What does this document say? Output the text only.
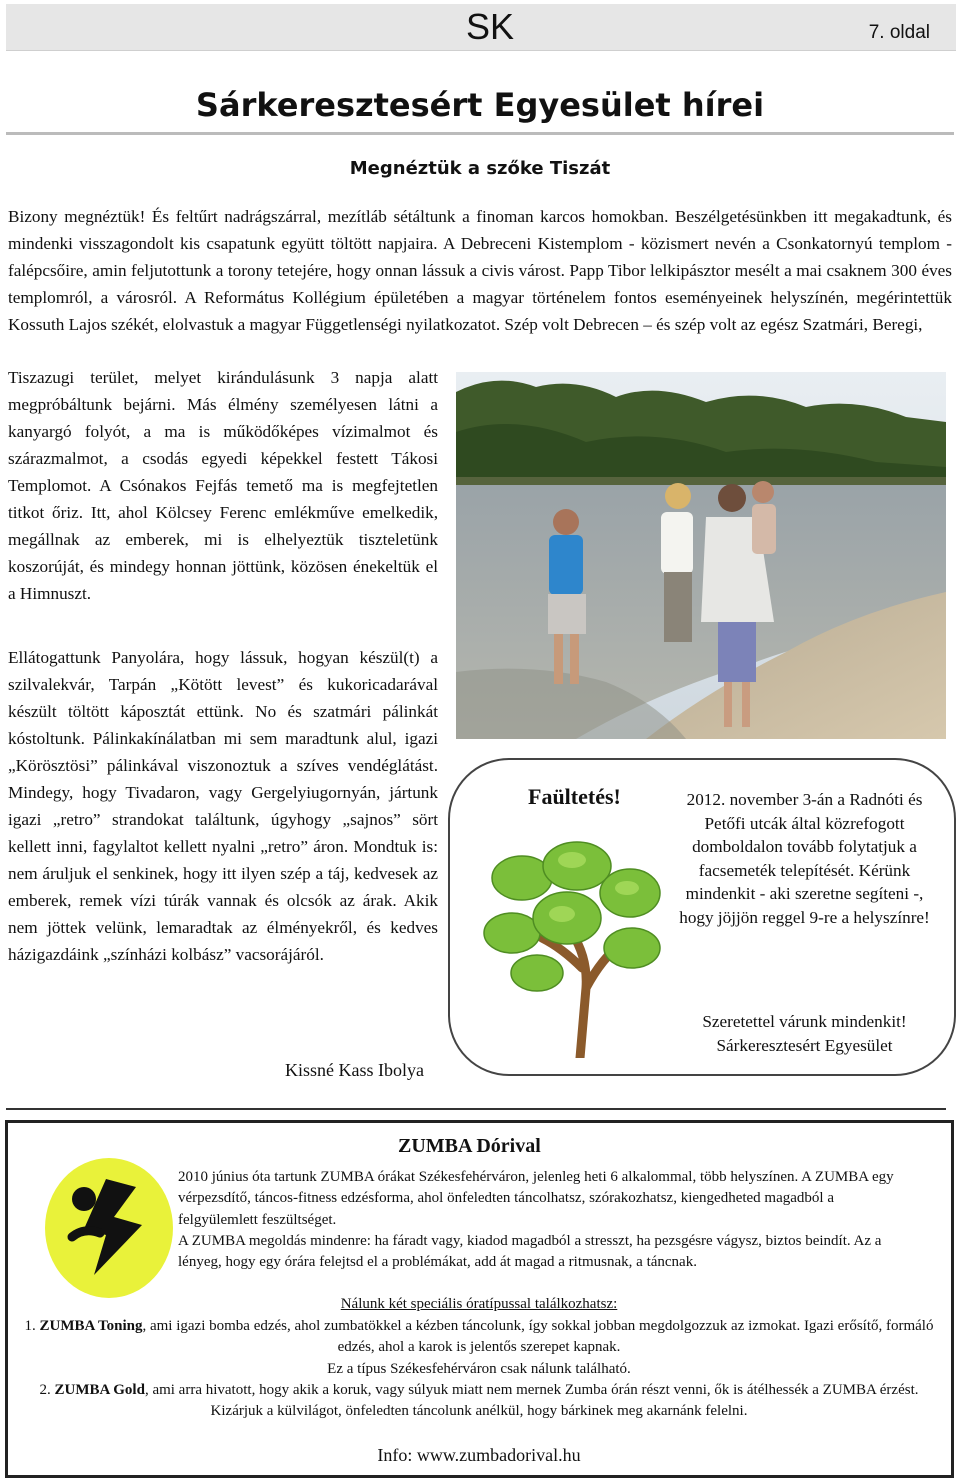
SK	7. oldal
Sárkeresztesért Egyesület hírei
Megnéztük a szőke Tiszát

Bizony megnéztük! És feltűrt nadrágszárral, mezítláb sétáltunk a finoman karcos homokban. Beszélgetésünkben itt megakadtunk, és mindenki visszagondolt kis csapatunk együtt töltött napjaira. A Debreceni Kistemplom - közismert nevén a Csonkatornyú templom - falépcsőire, amin feljutottunk a torony tetejére, hogy onnan lássuk a civis várost. Papp Tibor lelkipásztor mesélt a mai csaknem 300 éves templomról, a városról. A Református Kollégium épületében a magyar történelem fontos eseményeinek helyszínén, megérintettük Kossuth Lajos székét, elolvastuk a magyar Függetlenségi nyilatkozatot. Szép volt Debrecen – és szép volt az egész Szatmári, Beregi,

Tiszazugi terület, melyet kirándulásunk 3 napja alatt megpróbáltunk bejárni. Más élmény személyesen látni a kanyargó folyót, a ma is működőképes vízimalmot és szárazmalmot, a csodás egyedi képekkel festett Tákosi Templomot. A Csónakos Fejfás temető ma is megfejtetlen titkot őriz. Itt, ahol Kölcsey Ferenc emlékműve emelkedik, megállnak az emberek, mi is elhelyeztük tiszteletünk koszorúját, és mindegy honnan jöttünk, közösen énekeltük el a Himnuszt.

Ellátogattunk Panyolára, hogy lássuk, hogyan készül(t) a szilvalekvár, Tarpán „Kötött levest” és kukoricadarával készült töltött káposztát ettünk. No és szatmári pálinkát kóstoltunk. Pálinkakínálatban mi sem maradtunk alul, igazi „Körösztösi” pálinkával viszonoztuk a szíves vendéglátást. Mindegy, hogy Tivadaron, vagy Gergelyiugornyán, jártunk igazi „retro” strandokat találtunk, úgyhogy „sajnos” sört kellett inni, fagylaltot kellett nyalni „retro” áron. Mondtuk is: nem áruljuk el senkinek, hogy itt ilyen szép a táj, kedvesek az emberek, remek vízi túrák vannak és olcsók az árak. Akik nem jöttek velünk, lemaradtak az élményekről, és kedves házigazdáink „színházi kolbász” vacsorájáról.

Kissné Kass Ibolya
Faültetés!	2012. november 3-án a Radnóti és Petőfi utcák által közrefogott domboldalon tovább folytatjuk a facsemeték telepítését. Kérünk mindenkit - aki szeretne segíteni -, hogy jöjjön reggel 9-re a helyszínre!
Szeretettel várunk mindenkit!
Sárkeresztesért Egyesület
ZUMBA Dórival

2010 június óta tartunk ZUMBA órákat Székesfehérváron, jelenleg heti 6 alkalommal, több helyszínen. A ZUMBA egy vérpezsdítő, táncos-fitness edzésforma, ahol önfeledten táncolhatsz, szórakozhatsz, kiengedheted magadból a felgyülemlett feszültséget.

A ZUMBA megoldás mindenre: ha fáradt vagy, kiadod magadból a stresszt, ha pezsgésre vágysz, biztos beindít. Az a lényeg, hogy egy órára felejtsd el a problémákat, add át magad a ritmusnak, a táncnak.

Nálunk két speciális óratípussal találkozhatsz:
1. ZUMBA Toning, ami igazi bomba edzés, ahol zumbatökkel a kézben táncolunk, így sokkal jobban megdolgozzuk az izmokat. Igazi erősítő, formáló edzés, ahol a karok is jelentős szerepet kapnak.
Ez a típus Székesfehérváron csak nálunk található.
2. ZUMBA Gold, ami arra hivatott, hogy akik a koruk, vagy súlyuk miatt nem mernek Zumba órán részt venni, ők is átélhessék a ZUMBA érzést. Kizárjuk a külvilágot, önfeledten táncolunk anélkül, hogy bárkinek meg akarnánk felelni.
Info: www.zumbadorival.hu
